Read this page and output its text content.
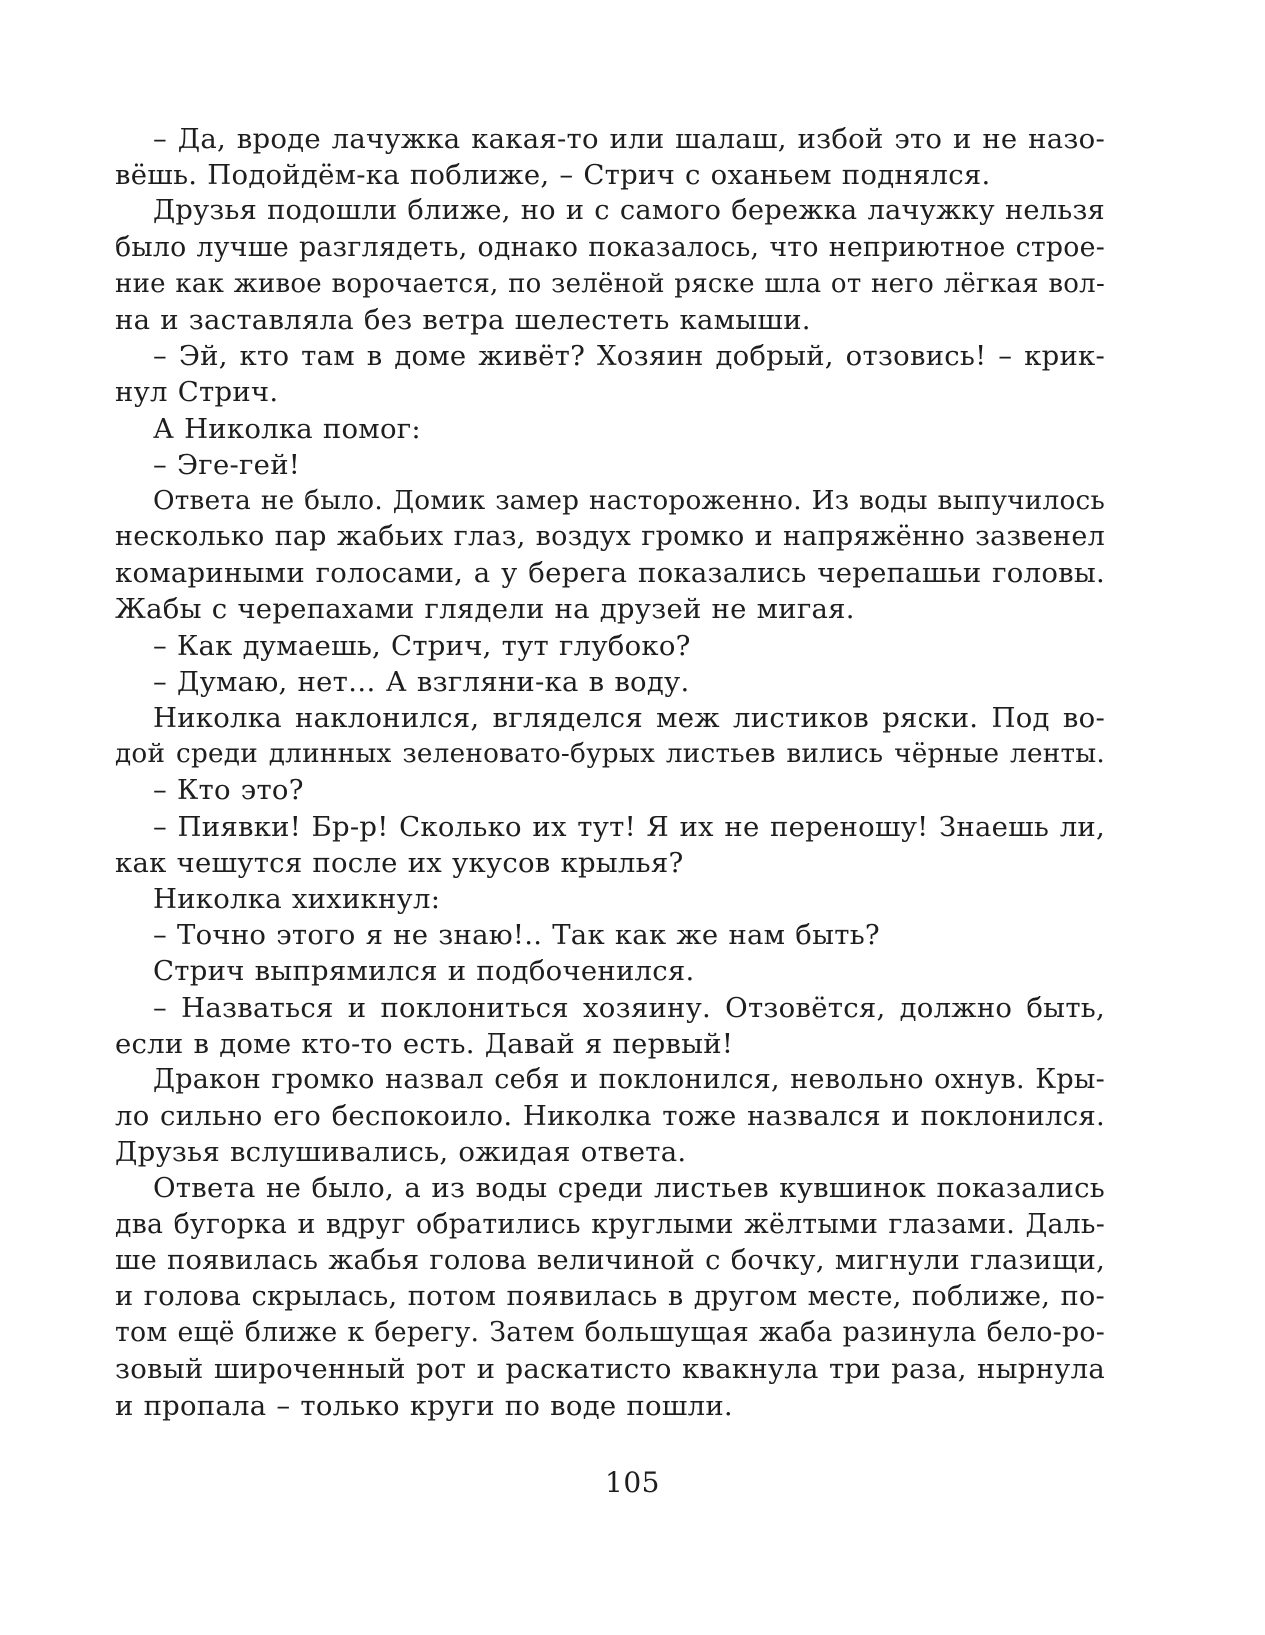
– Да, вроде лачужка какая-то или шалаш, избой это и не назо-
вёшь. Подойдём-ка поближе, – Стрич с оханьем поднялся.
Друзья подошли ближе, но и с самого бережка лачужку нельзя
было лучше разглядеть, однако показалось, что неприютное строе-
ние как живое ворочается, по зелёной ряске шла от него лёгкая вол-
на и заставляла без ветра шелестеть камыши.
– Эй, кто там в доме живёт? Хозяин добрый, отзовись! – крик-
нул Стрич.
А Николка помог:
– Эге-гей!
Ответа не было. Домик замер настороженно. Из воды выпучилось
несколько пар жабьих глаз, воздух громко и напряжённо зазвенел
комариными голосами, а у берега показались черепашьи головы.
Жабы с черепахами глядели на друзей не мигая.
– Как думаешь, Стрич, тут глубоко?
– Думаю, нет… А взгляни-ка в воду.
Николка наклонился, вгляделся меж листиков ряски. Под во-
дой среди длинных зеленовато-бурых листьев вились чёрные ленты.
– Кто это?
– Пиявки! Бр-р! Сколько их тут! Я их не переношу! Знаешь ли,
как чешутся после их укусов крылья?
Николка хихикнул:
– Точно этого я не знаю!.. Так как же нам быть?
Стрич выпрямился и подбоченился.
– Назваться и поклониться хозяину. Отзовётся, должно быть,
если в доме кто-то есть. Давай я первый!
Дракон громко назвал себя и поклонился, невольно охнув. Кры-
ло сильно его беспокоило. Николка тоже назвался и поклонился.
Друзья вслушивались, ожидая ответа.
Ответа не было, а из воды среди листьев кувшинок показались
два бугорка и вдруг обратились круглыми жёлтыми глазами. Даль-
ше появилась жабья голова величиной с бочку, мигнули глазищи,
и голова скрылась, потом появилась в другом месте, поближе, по-
том ещё ближе к берегу. Затем большущая жаба разинула бело-ро-
зовый широченный рот и раскатисто квакнула три раза, нырнула
и пропала – только круги по воде пошли.
105
